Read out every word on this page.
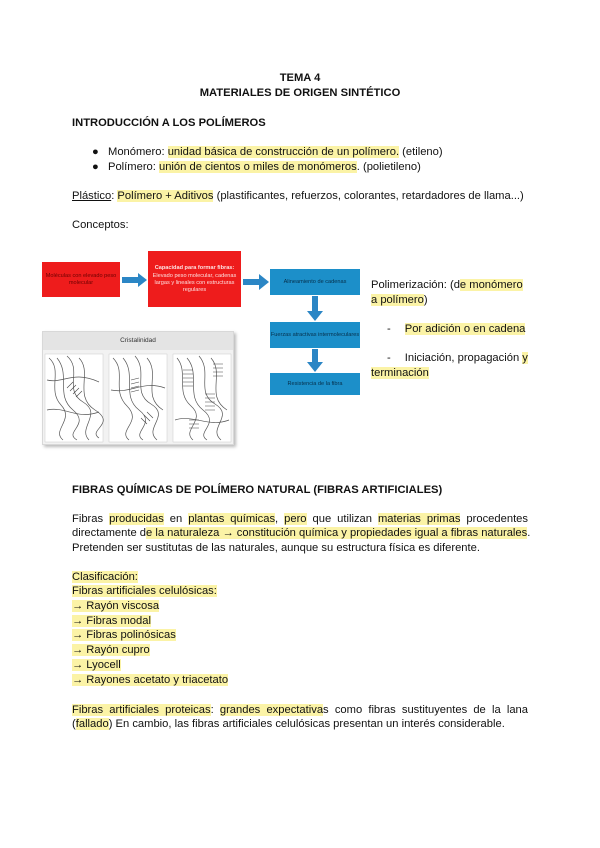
TEMA 4
MATERIALES DE ORIGEN SINTÉTICO
INTRODUCCIÓN A LOS POLÍMEROS
● Monómero: unidad básica de construcción de un polímero. (etileno)
● Polímero: unión de cientos o miles de monómeros. (polietileno)
Plástico: Polímero + Aditivos (plastificantes, refuerzos, colorantes, retardadores de llama...)
Conceptos:
Moléculas con elevado peso molecular
Capacidad para formar fibras:
Elevado peso molecular, cadenas largas y lineales con estructuras regulares
Alineamiento de cadenas
Fuerzas atractivas intermoleculares
Resistencia de la fibra
Cristalinidad
Polimerización: (de monómero a polímero)
- Por adición o en cadena
- Iniciación, propagación y terminación
FIBRAS QUÍMICAS DE POLÍMERO NATURAL (FIBRAS ARTIFICIALES)
Fibras producidas en plantas químicas, pero que utilizan materias primas procedentes
directamente de la naturaleza → constitución química y propiedades igual a fibras naturales.
Pretenden ser sustitutas de las naturales, aunque su estructura física es diferente.
Clasificación:
Fibras artificiales celulósicas:
→ Rayón viscosa
→ Fibras modal
→ Fibras polinósicas
→ Rayón cupro
→ Lyocell
→ Rayones acetato y triacetato
Fibras artificiales proteicas: grandes expectativas como fibras sustituyentes de la lana
(fallado) En cambio, las fibras artificiales celulósicas presentan un interés considerable.
